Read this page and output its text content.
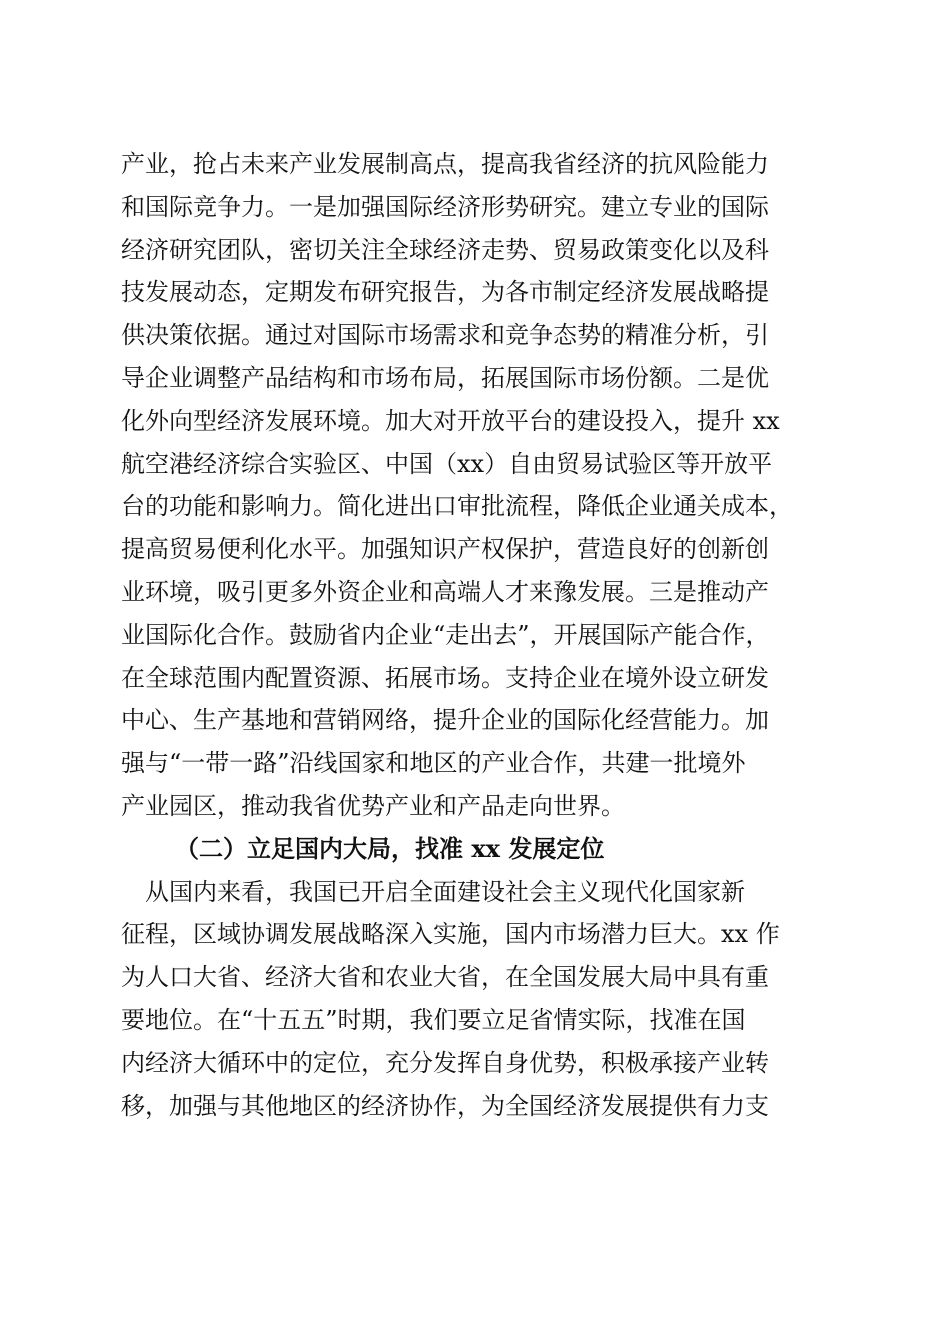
产业，抢占未来产业发展制高点，提高我省经济的抗风险能力
和国际竞争力。一是加强国际经济形势研究。建立专业的国际
经济研究团队，密切关注全球经济走势、贸易政策变化以及科
技发展动态，定期发布研究报告，为各市制定经济发展战略提
供决策依据。通过对国际市场需求和竞争态势的精准分析，引
导企业调整产品结构和市场布局，拓展国际市场份额。二是优
化外向型经济发展环境。加大对开放平台的建设投入，提升 xx
航空港经济综合实验区、中国（xx）自由贸易试验区等开放平
台的功能和影响力。简化进出口审批流程，降低企业通关成本，
提高贸易便利化水平。加强知识产权保护，营造良好的创新创
业环境，吸引更多外资企业和高端人才来豫发展。三是推动产
业国际化合作。鼓励省内企业“走出去”，开展国际产能合作，
在全球范围内配置资源、拓展市场。支持企业在境外设立研发
中心、生产基地和营销网络，提升企业的国际化经营能力。加
强与“一带一路”沿线国家和地区的产业合作，共建一批境外
产业园区，推动我省优势产业和产品走向世界。
（二）立足国内大局，找准 xx 发展定位
从国内来看，我国已开启全面建设社会主义现代化国家新
征程，区域协调发展战略深入实施，国内市场潜力巨大。xx 作
为人口大省、经济大省和农业大省，在全国发展大局中具有重
要地位。在“十五五”时期，我们要立足省情实际，找准在国
内经济大循环中的定位，充分发挥自身优势，积极承接产业转
移，加强与其他地区的经济协作，为全国经济发展提供有力支
